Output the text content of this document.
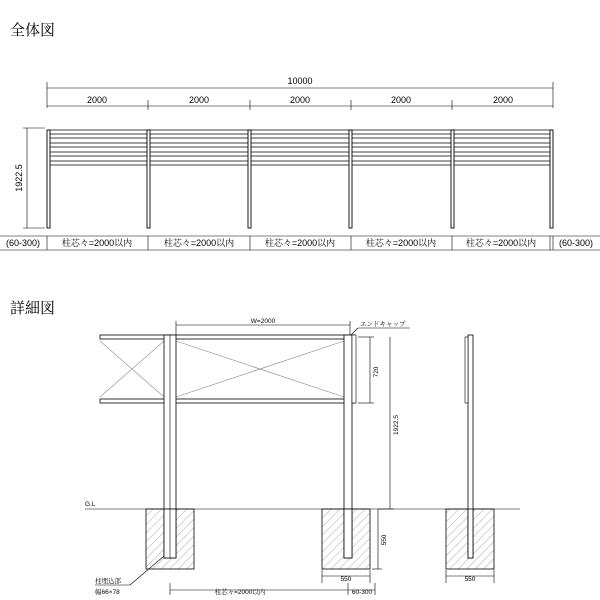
全体図
10000
2000	2000	2000	2000	2000
1922.5
(60-300) 柱芯々=2000以内	柱芯々=2000以内	柱芯々=2000以内	柱芯々=2000以内	柱芯々=2000以内	(60-300)
詳細図
W=2000	エンドキャップ
720
1922.5
550
G.L
550	550
柱芯々=2000以内	60-300
柱埋込部
幅66×78
